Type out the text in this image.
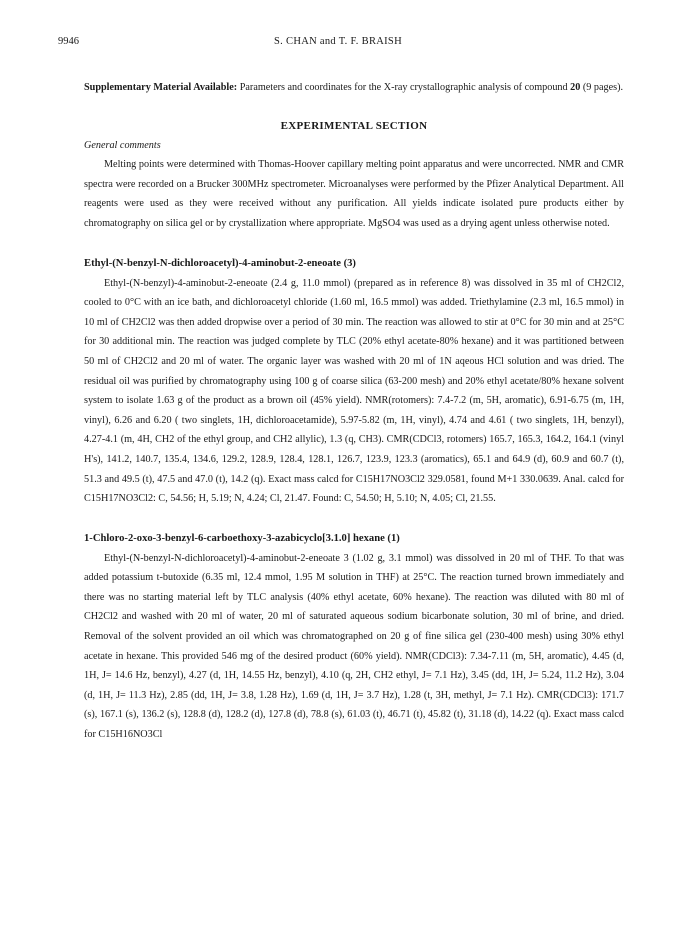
9946	S. CHAN and T. F. BRAISH

Supplementary Material Available: Parameters and coordinates for the X-ray crystallographic analysis of compound 20 (9 pages).

EXPERIMENTAL SECTION

General comments

Melting points were determined with Thomas-Hoover capillary melting point apparatus and were uncorrected. NMR and CMR spectra were recorded on a Brucker 300MHz spectrometer. Microanalyses were performed by the Pfizer Analytical Department. All reagents were used as they were received without any purification. All yields indicate isolated pure products either by chromatography on silica gel or by crystallization where appropriate. MgSO4 was used as a drying agent unless otherwise noted.

Ethyl-(N-benzyl-N-dichloroacetyl)-4-aminobut-2-eneoate (3)

Ethyl-(N-benzyl)-4-aminobut-2-eneoate (2.4 g, 11.0 mmol) (prepared as in reference 8) was dissolved in 35 ml of CH2Cl2, cooled to 0°C with an ice bath, and dichloroacetyl chloride (1.60 ml, 16.5 mmol) was added. Triethylamine (2.3 ml, 16.5 mmol) in 10 ml of CH2Cl2 was then added dropwise over a period of 30 min. The reaction was allowed to stir at 0°C for 30 min and at 25°C for 30 additional min. The reaction was judged complete by TLC (20% ethyl acetate-80% hexane) and it was partitioned between 50 ml of CH2Cl2 and 20 ml of water. The organic layer was washed with 20 ml of 1N aqeous HCl solution and was dried. The residual oil was purified by chromatography using 100 g of coarse silica (63-200 mesh) and 20% ethyl acetate/80% hexane solvent system to isolate 1.63 g of the product as a brown oil (45% yield). NMR(rotomers): 7.4-7.2 (m, 5H, aromatic), 6.91-6.75 (m, 1H, vinyl), 6.26 and 6.20 ( two singlets, 1H, dichloroacetamide), 5.97-5.82 (m, 1H, vinyl), 4.74 and 4.61 ( two singlets, 1H, benzyl), 4.27-4.1 (m, 4H, CH2 of the ethyl group, and CH2 allylic), 1.3 (q, CH3). CMR(CDCl3, rotomers) 165.7, 165.3, 164.2, 164.1 (vinyl H's), 141.2, 140.7, 135.4, 134.6, 129.2, 128.9, 128.4, 128.1, 126.7, 123.9, 123.3 (aromatics), 65.1 and 64.9 (d), 60.9 and 60.7 (t), 51.3 and 49.5 (t), 47.5 and 47.0 (t), 14.2 (q). Exact mass calcd for C15H17NO3Cl2 329.0581, found M+1 330.0639. Anal. calcd for C15H17NO3Cl2: C, 54.56; H, 5.19; N, 4.24; Cl, 21.47. Found: C, 54.50; H, 5.10; N, 4.05; Cl, 21.55.

1-Chloro-2-oxo-3-benzyl-6-carboethoxy-3-azabicyclo[3.1.0] hexane (1)

Ethyl-(N-benzyl-N-dichloroacetyl)-4-aminobut-2-eneoate 3 (1.02 g, 3.1 mmol) was dissolved in 20 ml of THF. To that was added potassium t-butoxide (6.35 ml, 12.4 mmol, 1.95 M solution in THF) at 25°C. The reaction turned brown immediately and there was no starting material left by TLC analysis (40% ethyl acetate, 60% hexane). The reaction was diluted with 80 ml of CH2Cl2 and washed with 20 ml of water, 20 ml of saturated aqueous sodium bicarbonate solution, 30 ml of brine, and dried. Removal of the solvent provided an oil which was chromatographed on 20 g of fine silica gel (230-400 mesh) using 30% ethyl acetate in hexane. This provided 546 mg of the desired product (60% yield). NMR(CDCl3): 7.34-7.11 (m, 5H, aromatic), 4.45 (d, 1H, J= 14.6 Hz, benzyl), 4.27 (d, 1H, 14.55 Hz, benzyl), 4.10 (q, 2H, CH2 ethyl, J= 7.1 Hz), 3.45 (dd, 1H, J= 5.24, 11.2 Hz), 3.04 (d, 1H, J= 11.3 Hz), 2.85 (dd, 1H, J= 3.8, 1.28 Hz), 1.69 (d, 1H, J= 3.7 Hz), 1.28 (t, 3H, methyl, J= 7.1 Hz). CMR(CDCl3): 171.7 (s), 167.1 (s), 136.2 (s), 128.8 (d), 128.2 (d), 127.8 (d), 78.8 (s), 61.03 (t), 46.71 (t), 45.82 (t), 31.18 (d), 14.22 (q). Exact mass calcd for C15H16NO3Cl
